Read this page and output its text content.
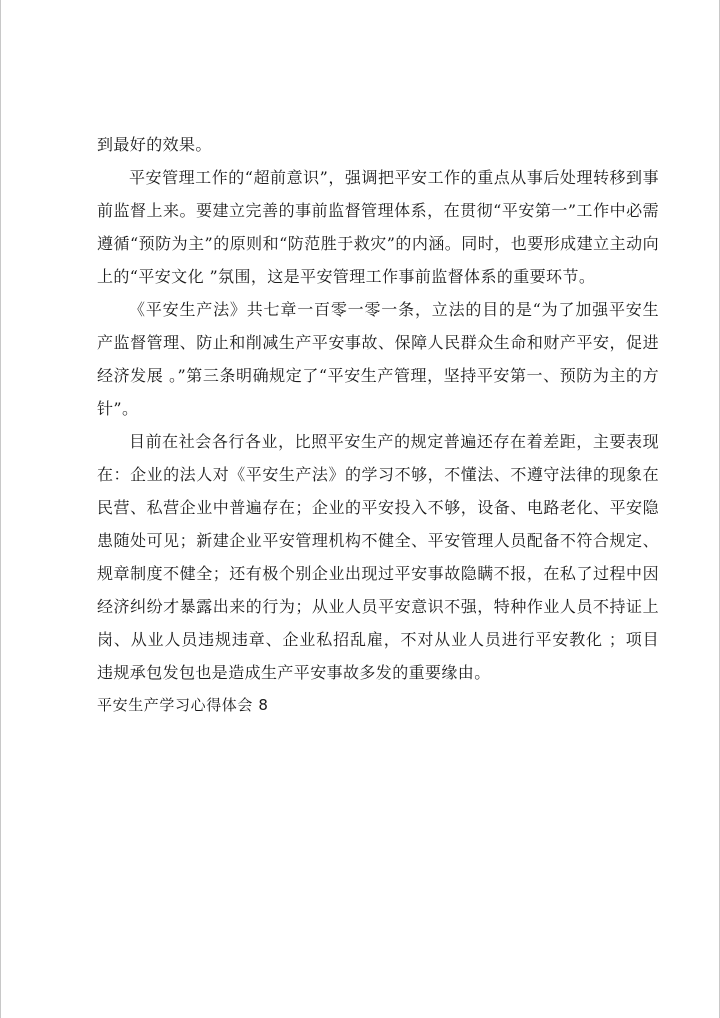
到最好的效果。

平安管理工作的“超前意识”，强调把平安工作的重点从事后处理转移到事前监督上来。要建立完善的事前监督管理体系，在贯彻“平安第一”工作中必需遵循“预防为主”的原则和“防范胜于救灾”的内涵。同时，也要形成建立主动向上的“平安文化 ”氛围，这是平安管理工作事前监督体系的重要环节。

《平安生产法》共七章一百零一零一条，立法的目的是“为了加强平安生产监督管理、防止和削减生产平安事故、保障人民群众生命和财产平安，促进经济发展 。”第三条明确规定了“平安生产管理，坚持平安第一、预防为主的方针”。

目前在社会各行各业，比照平安生产的规定普遍还存在着差距，主要表现在：企业的法人对《平安生产法》的学习不够，不懂法、不遵守法律的现象在民营、私营企业中普遍存在；企业的平安投入不够，设备、电路老化、平安隐患随处可见；新建企业平安管理机构不健全、平安管理人员配备不符合规定、规章制度不健全；还有极个别企业出现过平安事故隐瞒不报，在私了过程中因经济纠纷才暴露出来的行为；从业人员平安意识不强，特种作业人员不持证上岗、从业人员违规违章、企业私招乱雇，不对从业人员进行平安教化 ；项目违规承包发包也是造成生产平安事故多发的重要缘由。

平安生产学习心得体会 8
